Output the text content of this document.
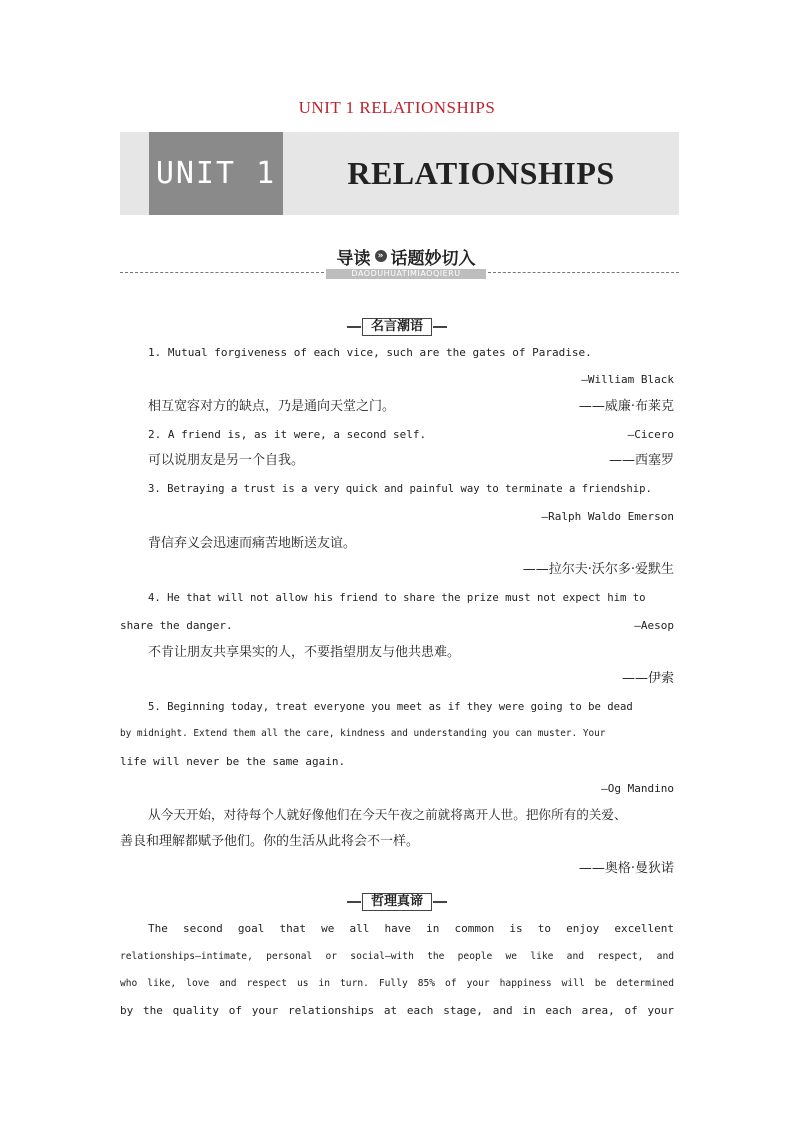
UNIT 1 RELATIONSHIPS
UNIT 1	RELATIONSHIPS
导读 » 话题妙切入
DAODUHUATIMIAOQIERU
名言潮语
1. Mutual forgiveness of each vice, such are the gates of Paradise.
—William Black
相互宽容对方的缺点，乃是通向天堂之门。	——威廉·布莱克
2. A friend is, as it were, a second self.	—Cicero
可以说朋友是另一个自我。	——西塞罗
3. Betraying a trust is a very quick and painful way to terminate a friendship.
—Ralph Waldo Emerson
背信弃义会迅速而痛苦地断送友谊。
——拉尔夫·沃尔多·爱默生
4. He that will not allow his friend to share the prize must not expect him to
share the danger.	—Aesop
不肯让朋友共享果实的人，不要指望朋友与他共患难。
——伊索
5. Beginning today, treat everyone you meet as if they were going to be dead
by midnight. Extend them all the care, kindness and understanding you can muster. Your
life will never be the same again.
—Og Mandino
从今天开始，对待每个人就好像他们在今天午夜之前就将离开人世。把你所有的关爱、
善良和理解都赋予他们。你的生活从此将会不一样。
——奥格·曼狄诺
哲理真谛
The second goal that we all have in common is to enjoy excellent
relationships—intimate, personal or social—with the people we like and respect, and
who like, love and respect us in turn. Fully 85% of your happiness will be determined
by the quality of your relationships at each stage, and in each area, of your
